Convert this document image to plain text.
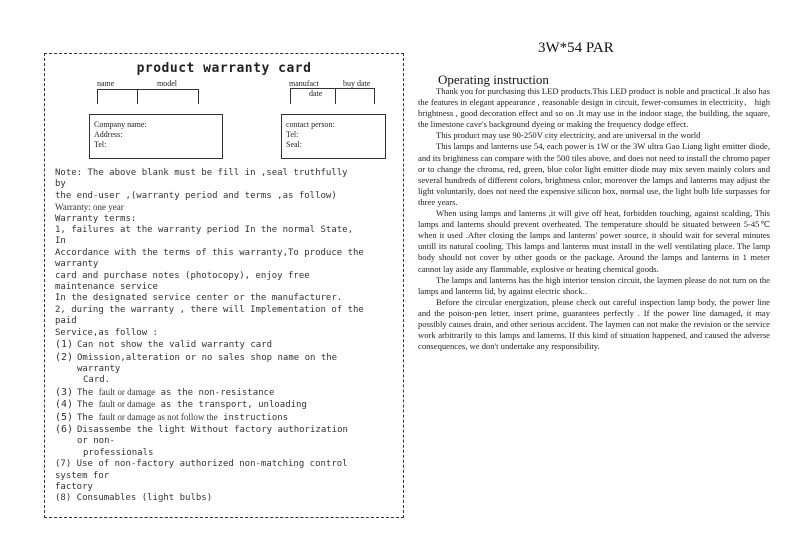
product warranty card
name	model	manufact	buy date
date
Company name:
Address:
Tel:
contact person:
Tel:
Seal:
Note: The above blank must be fill in ,seal truthfully
by
the end-user ,(warranty period and terms ,as follow)
Warranty: one year
Warranty terms:
1, failures at the warranty period In the normal State,
In
Accordance with the terms of this warranty,To produce the
warranty
card and purchase notes (photocopy), enjoy free
maintenance service
In the designated service center or the manufacturer.
2, during the warranty , there will Implementation of the
paid
Service,as follow :
(1) Can not show the valid warranty card
(2) Omission,alteration or no sales shop name on the
warranty
Card.
(3) The fault or damage as the non-resistance
(4) The fault or damage as the transport, unloading
(5) The fault or damage as not follow the instructions
(6) Disassembe the light Without factory authorization
or non-
professionals
(7) Use of non-factory authorized non-matching control
system for
factory
(8) Consumables (light bulbs)
3W*54 PAR
Operating instruction

Thank you for purchasing this LED products.This LED product is noble and practical .It also has the features in elegant appearance , reasonable design in circuit, fewer-consumes in electricity、 high brightness , good decoration effect and so on .It may use in the indoor stage, the building, the square, the limestone cave's background dyeing or making the frequency dodge effect.

This product may use 90-250V city electricity, and are universal in the world

This lamps and lanterns use 54, each power is 1W or the 3W ultra Gao Liang light emitter diode, and its brightness can compare with the 500 tiles above, and does not need to install the chromo paper or to change the chroma, red, green, blue color light emitter diode may mix seven mainly colors and several hundreds of different colors, brightness color, moreover the lamps and lanterns may adjust the light voluntarily, does not need the expensive silicon box, normal use, the light bulb life surpasses for three years.

When using lamps and lanterns ,it will give off heat, forbidden touching, against scalding, This lamps and lanterns should prevent overheated. The temperature should be situated between 5-45℃ when it used .After closing the lamps and lanterns' power source, it should wait for several minutes untill its natural cooling. This lamps and lanterns must install in the well ventilating place. The lamp body should not cover by other goods or the package. Around the lamps and lanterns in 1 meter cannot lay aside any flammable, explosive or heating chemical goods.

The lamps and lanterns has the high interior tension circuit, the laymen please do not turn on the lamps and lanterns lid, by against electric shock..

Before the circular energization, please check out careful inspection lamp body, the power line and the poison-pen letter, insert prime, guarantees perfectly . If the power line damaged, it may possibly causes drain, and other serious accident. The laymen can not make the revision or the service work arbitrarily to this lamps and lanterns. If this kind of situation happened, and caused the adverse consequences, we don't undertake any responsibility.
